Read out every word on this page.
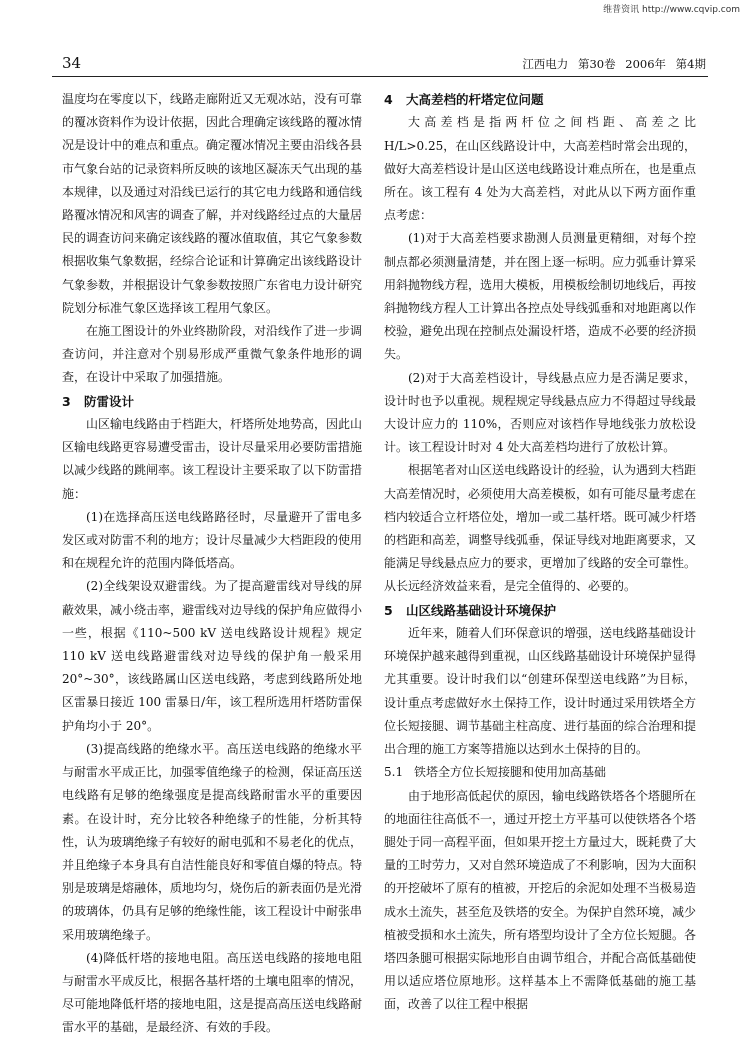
维普资讯 http://www.cqvip.com
34	江西电力 第30卷 2006年 第4期

温度均在零度以下，线路走廊附近又无观冰站，没有可靠的覆冰资料作为设计依据，因此合理确定该线路的覆冰情况是设计中的难点和重点。确定覆冰情况主要由沿线各县市气象台站的记录资料所反映的该地区凝冻天气出现的基本规律，以及通过对沿线已运行的其它电力线路和通信线路覆冰情况和风害的调查了解，并对线路经过点的大量居民的调查访问来确定该线路的覆冰值取值，其它气象参数根据收集气象数据，经综合论证和计算确定出该线路设计气象参数，并根据设计气象参数按照广东省电力设计研究院划分标准气象区选择该工程用气象区。

在施工图设计的外业终勘阶段，对沿线作了进一步调查访问，并注意对个别易形成严重微气象条件地形的调查，在设计中采取了加强措施。

3 防雷设计

山区输电线路由于档距大，杆塔所处地势高，因此山区输电线路更容易遭受雷击，设计尽量采用必要防雷措施以减少线路的跳闸率。该工程设计主要采取了以下防雷措施：

(1)在选择高压送电线路路径时，尽量避开了雷电多发区或对防雷不利的地方；设计尽量减少大档距段的使用和在规程允许的范围内降低塔高。

(2)全线架设双避雷线。为了提高避雷线对导线的屏蔽效果，减小绕击率，避雷线对边导线的保护角应做得小一些，根据《110~500 kV 送电线路设计规程》规定 110 kV 送电线路避雷线对边导线的保护角一般采用 20°~30°，该线路属山区送电线路，考虑到线路所处地区雷暴日接近 100 雷暴日/年，该工程所选用杆塔防雷保护角均小于 20°。

(3)提高线路的绝缘水平。高压送电线路的绝缘水平与耐雷水平成正比，加强零值绝缘子的检测，保证高压送电线路有足够的绝缘强度是提高线路耐雷水平的重要因素。在设计时，充分比较各种绝缘子的性能，分析其特性，认为玻璃绝缘子有较好的耐电弧和不易老化的优点，并且绝缘子本身具有自洁性能良好和零值自爆的特点。特别是玻璃是熔融体，质地均匀，烧伤后的新表面仍是光滑的玻璃体，仍具有足够的绝缘性能，该工程设计中耐张串采用玻璃绝缘子。

(4)降低杆塔的接地电阻。高压送电线路的接地电阻与耐雷水平成反比，根据各基杆塔的土壤电阻率的情况，尽可能地降低杆塔的接地电阻，这是提高高压送电线路耐雷水平的基础，是最经济、有效的手段。

4 大高差档的杆塔定位问题

大高差档是指两杆位之间档距、高差之比 H/L>0.25，在山区线路设计中，大高差档时常会出现的，做好大高差档设计是山区送电线路设计难点所在，也是重点所在。该工程有 4 处为大高差档，对此从以下两方面作重点考虑：

(1)对于大高差档要求勘测人员测量更精细，对每个控制点都必须测量清楚，并在图上逐一标明。应力弧垂计算采用斜抛物线方程，选用大模板，用模板绘制切地线后，再按斜抛物线方程人工计算出各控点处导线弧垂和对地距离以作校验，避免出现在控制点处漏设杆塔，造成不必要的经济损失。

(2)对于大高差档设计，导线悬点应力是否满足要求，设计时也予以重视。规程规定导线悬点应力不得超过导线最大设计应力的 110%，否则应对该档作导地线张力放松设计。该工程设计时对 4 处大高差档均进行了放松计算。

根据笔者对山区送电线路设计的经验，认为遇到大档距大高差情况时，必须使用大高差模板，如有可能尽量考虑在档内较适合立杆塔位处，增加一或二基杆塔。既可减少杆塔的档距和高差，调整导线弧垂，保证导线对地距离要求，又能满足导线悬点应力的要求，更增加了线路的安全可靠性。从长远经济效益来看，是完全值得的、必要的。

5 山区线路基础设计环境保护

近年来，随着人们环保意识的增强，送电线路基础设计环境保护越来越得到重视，山区线路基础设计环境保护显得尤其重要。设计时我们以“创建环保型送电线路”为目标，设计重点考虑做好水土保持工作，设计时通过采用铁塔全方位长短接腿、调节基础主柱高度、进行基面的综合治理和提出合理的施工方案等措施以达到水土保持的目的。

5.1 铁塔全方位长短接腿和使用加高基础

由于地形高低起伏的原因，输电线路铁塔各个塔腿所在的地面往往高低不一，通过开挖土方平基可以使铁塔各个塔腿处于同一高程平面，但如果开挖土方量过大，既耗费了大量的工时劳力，又对自然环境造成了不利影响，因为大面积的开挖破坏了原有的植被，开挖后的余泥如处理不当极易造成水土流失，甚至危及铁塔的安全。为保护自然环境，减少植被受损和水土流失，所有塔型均设计了全方位长短腿。各塔四条腿可根据实际地形自由调节组合，并配合高低基础使用以适应塔位原地形。这样基本上不需降低基础的施工基面，改善了以往工程中根据
